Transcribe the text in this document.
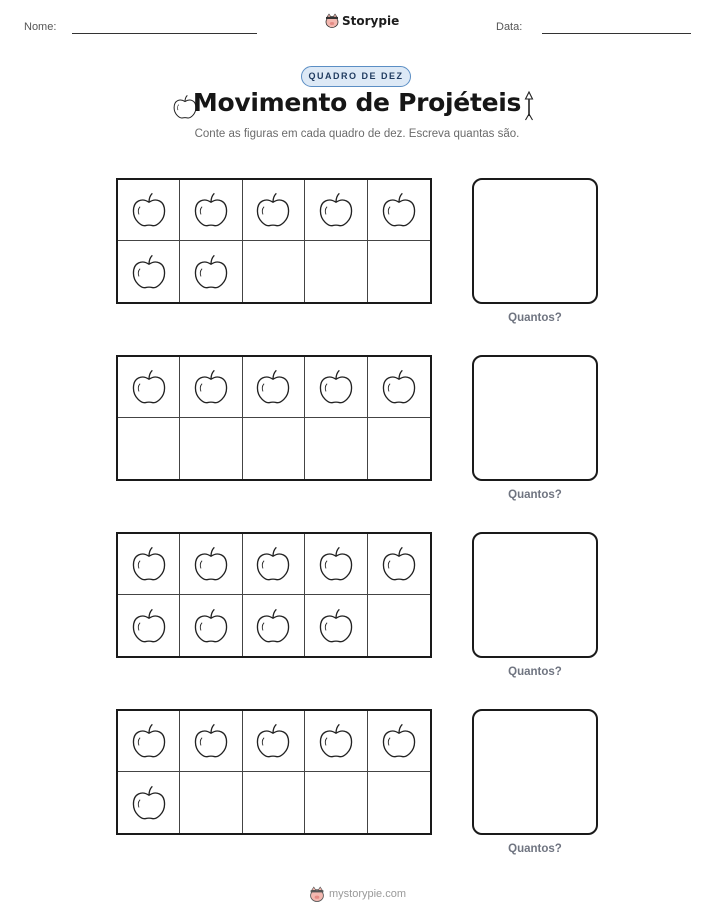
Nome:	Storypie	Data:
QUADRO DE DEZ
Movimento de Projéteis
Conte as figuras em cada quadro de dez. Escreva quantas são.
Quantos?
Quantos?
Quantos?
Quantos?
mystorypie.com
